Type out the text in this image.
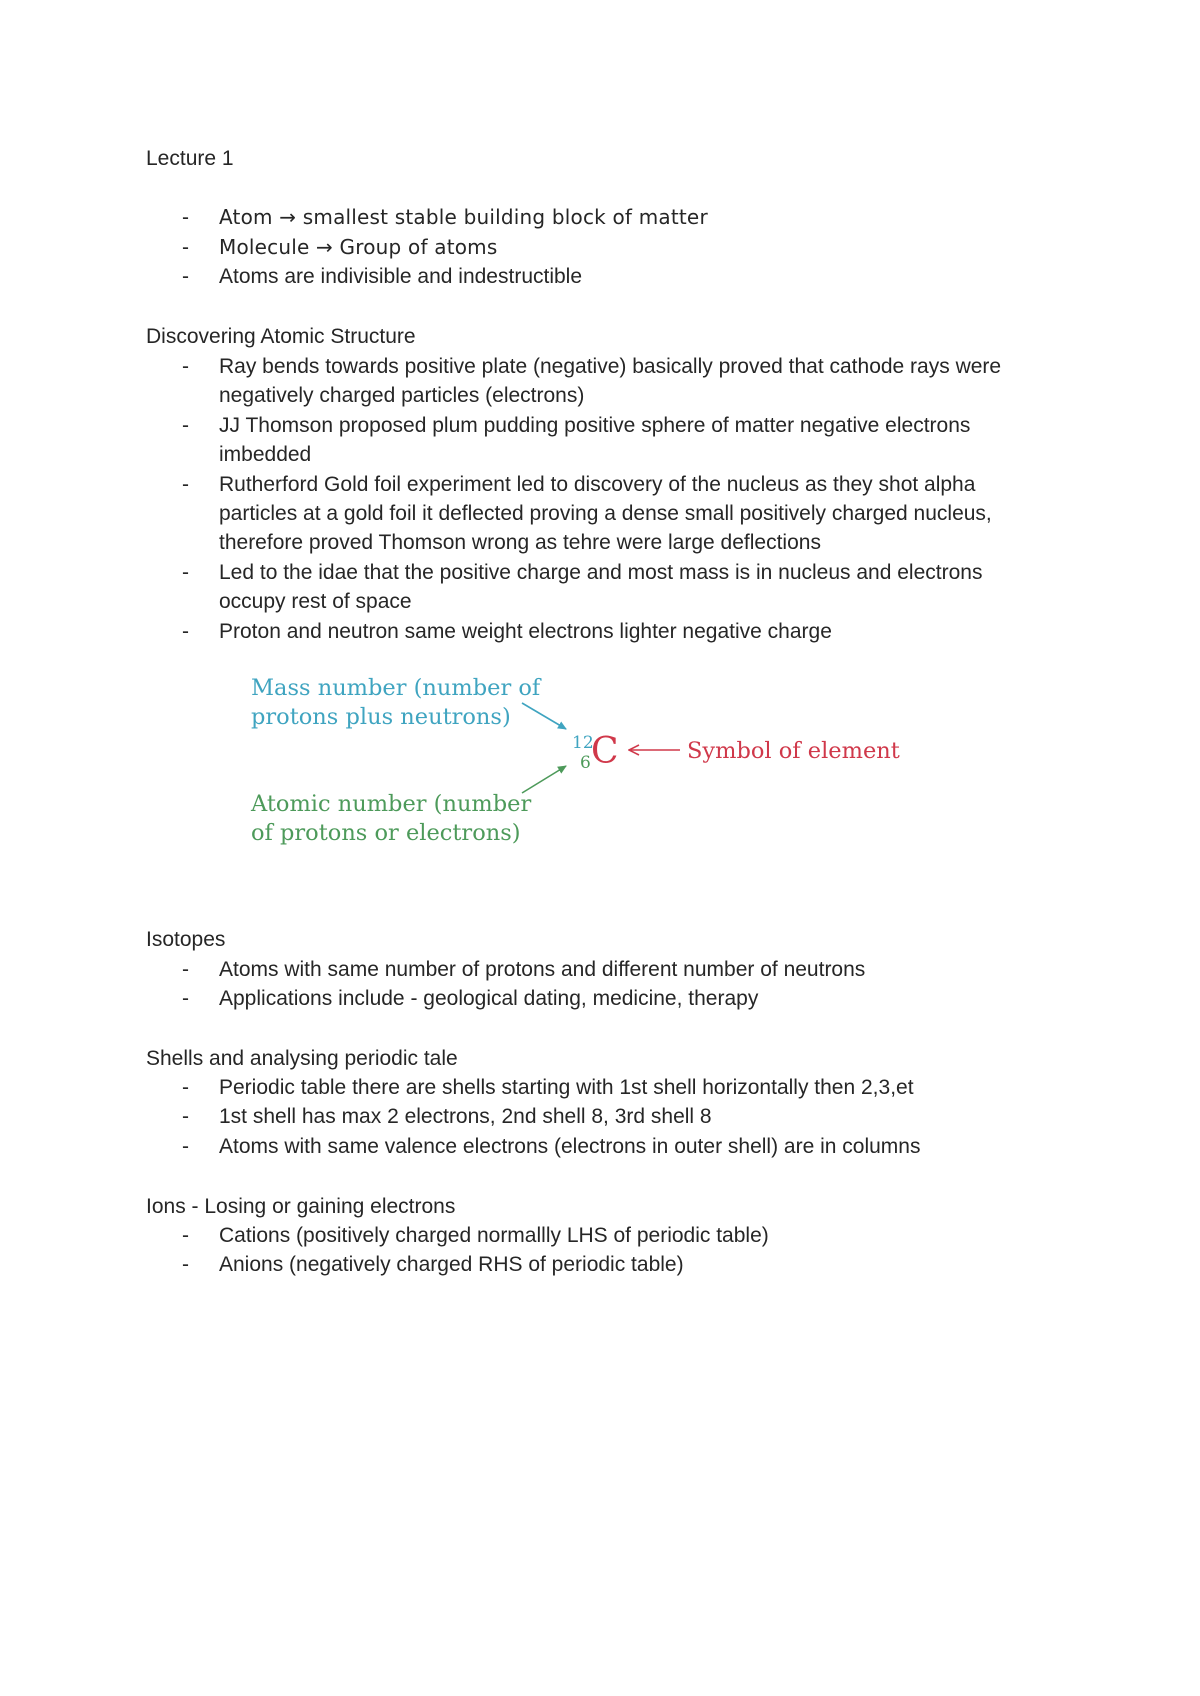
Lecture 1
- Atom → smallest stable building block of matter
- Molecule → Group of atoms
- Atoms are indivisible and indestructible
Discovering Atomic Structure
- Ray bends towards positive plate (negative) basically proved that cathode rays were
negatively charged particles (electrons)
- JJ Thomson proposed plum pudding positive sphere of matter negative electrons
imbedded
- Rutherford Gold foil experiment led to discovery of the nucleus as they shot alpha
particles at a gold foil it deflected proving a dense small positively charged nucleus,
therefore proved Thomson wrong as tehre were large deflections
- Led to the idae that the positive charge and most mass is in nucleus and electrons
occupy rest of space
- Proton and neutron same weight electrons lighter negative charge
Mass number (number of
protons plus neutrons)
Atomic number (number
of protons or electrons)
12
6 C	Symbol of element
Isotopes
- Atoms with same number of protons and different number of neutrons
- Applications include - geological dating, medicine, therapy
Shells and analysing periodic tale
- Periodic table there are shells starting with 1st shell horizontally then 2,3,et
- 1st shell has max 2 electrons, 2nd shell 8, 3rd shell 8
- Atoms with same valence electrons (electrons in outer shell) are in columns
Ions - Losing or gaining electrons
- Cations (positively charged normallly LHS of periodic table)
- Anions (negatively charged RHS of periodic table)
